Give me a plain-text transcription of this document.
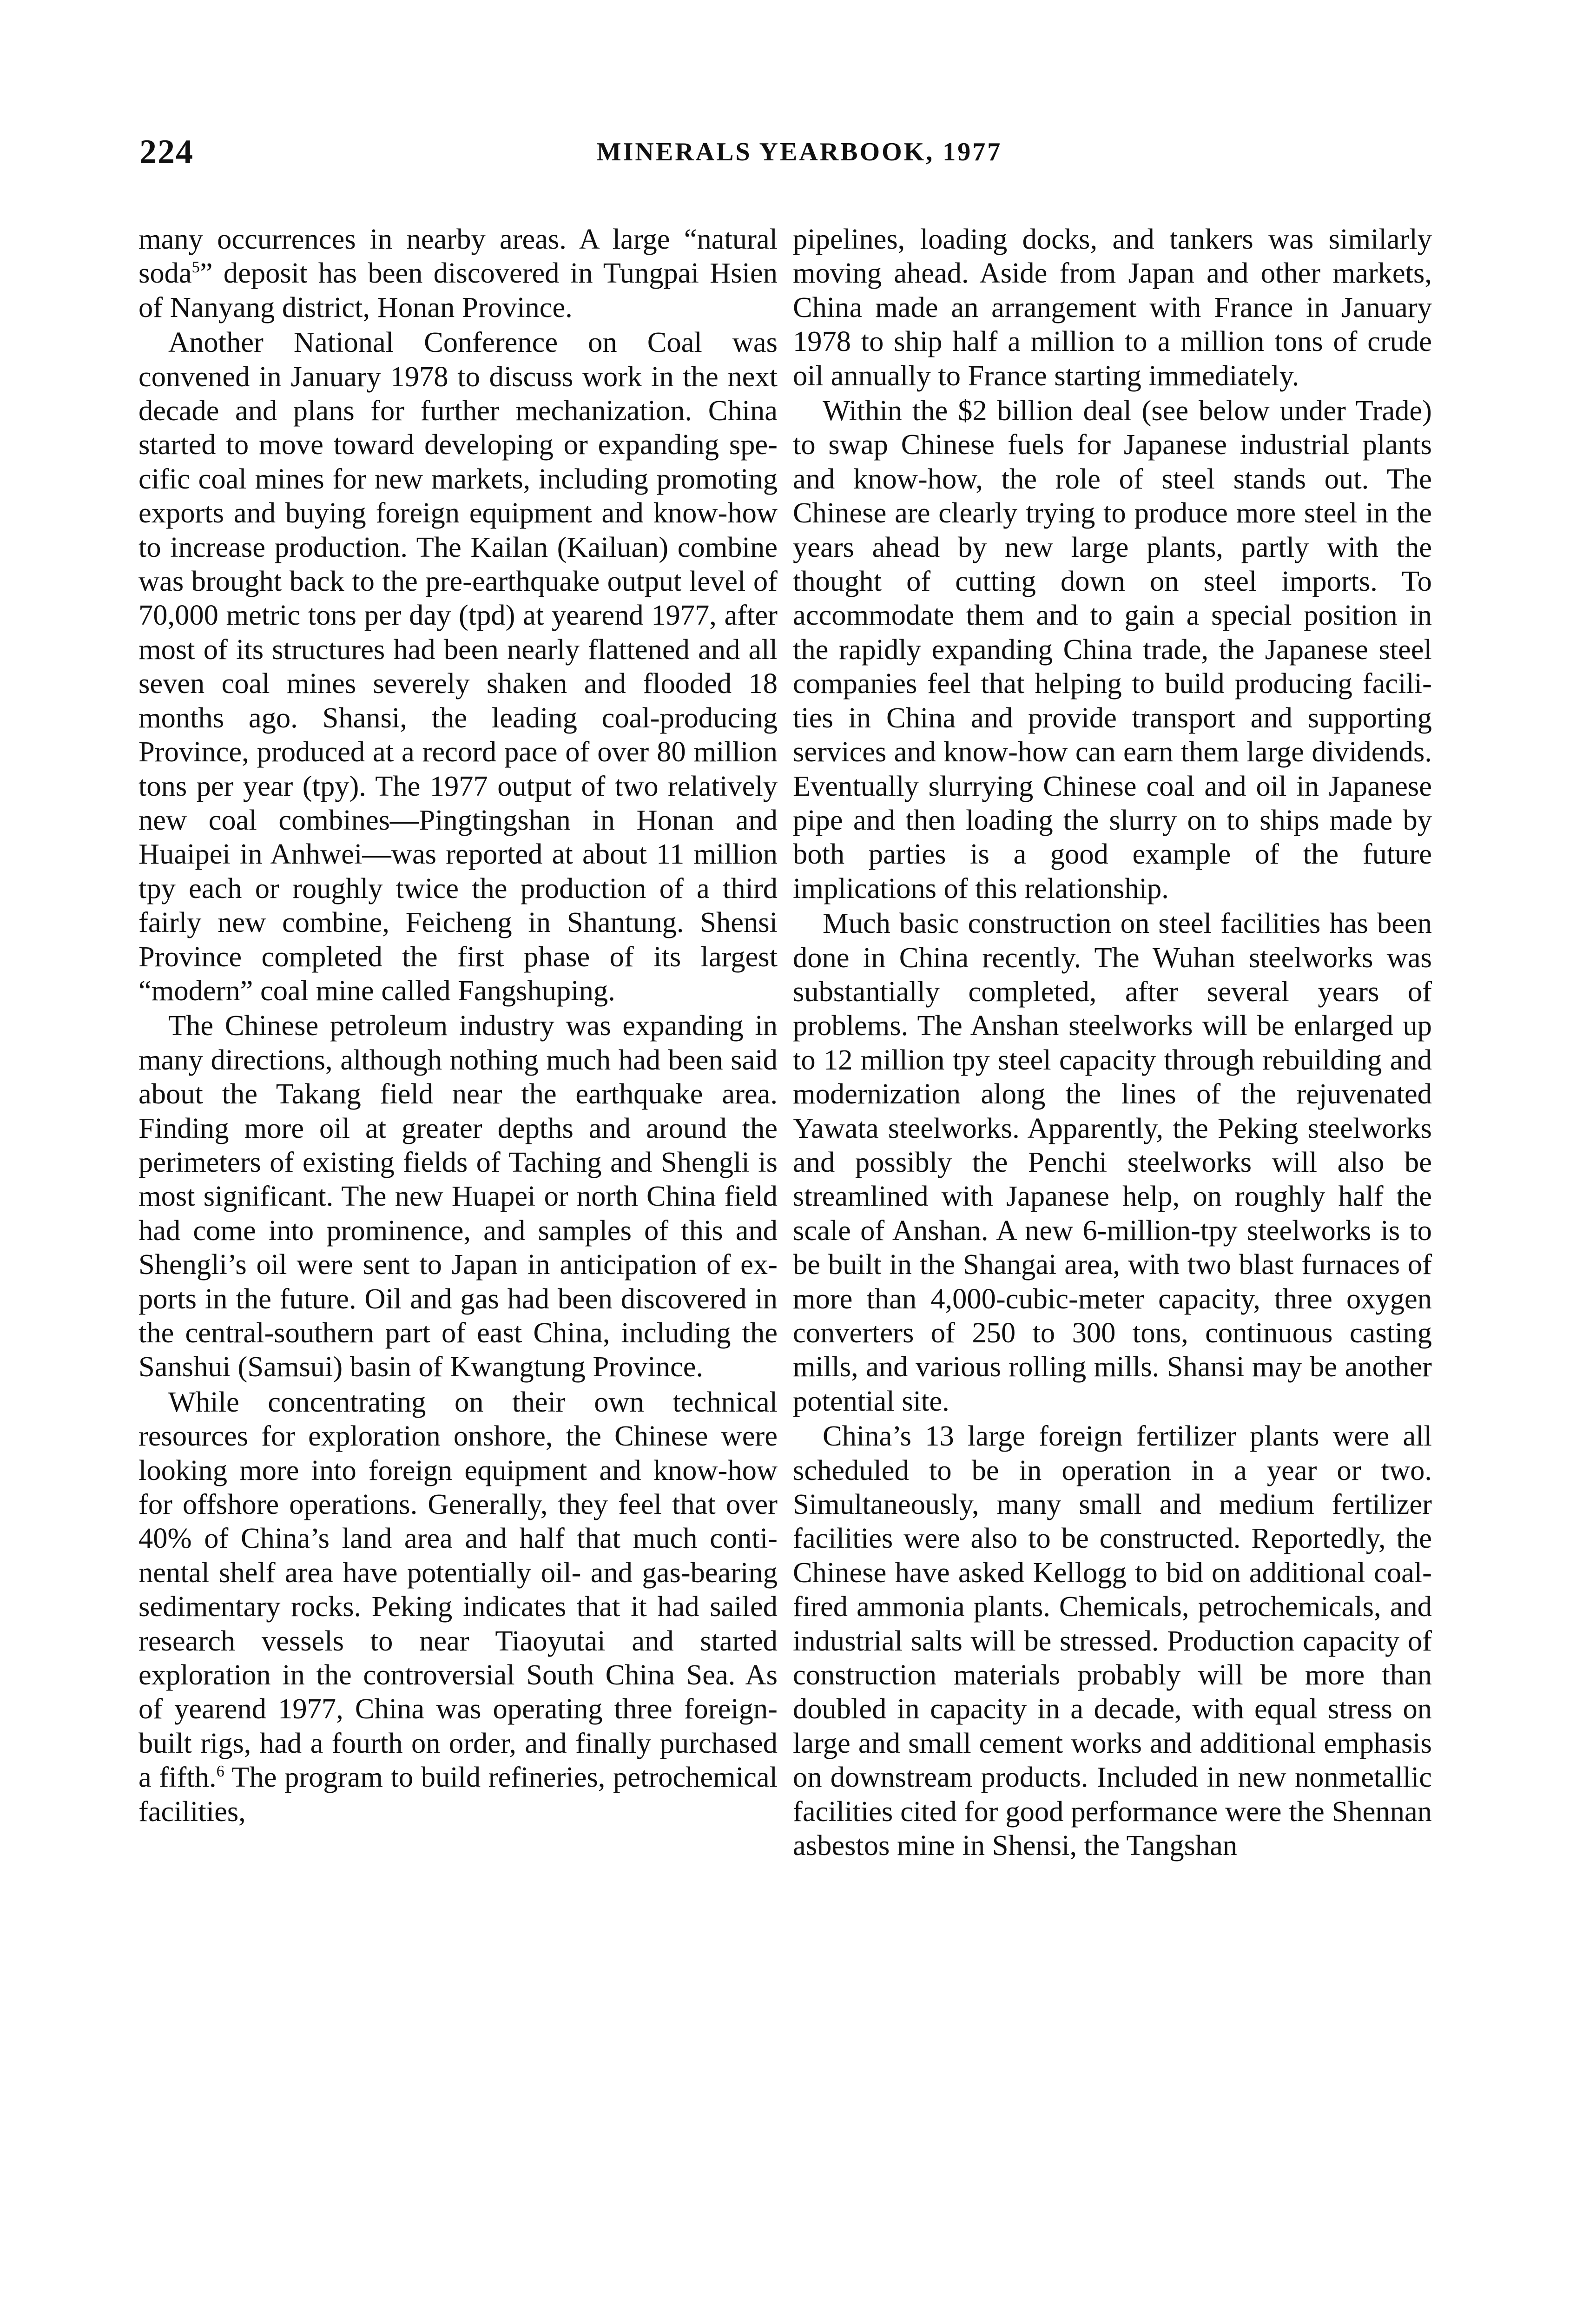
224	MINERALS YEARBOOK, 1977

many occurrences in nearby areas. A large “natural soda$^5$” deposit has been discovered in Tungpai Hsien of Nanyang district, Honan Province.

Another National Conference on Coal was convened in January 1978 to discuss work in the next decade and plans for further mechanization. China started to move toward developing or expanding specific coal mines for new markets, including promoting exports and buying foreign equipment and know-how to increase production. The Kailan (Kailuan) combine was brought back to the pre-earthquake output level of 70,000 metric tons per day (tpd) at yearend 1977, after most of its structures had been nearly flattened and all seven coal mines severely shaken and flooded 18 months ago. Shansi, the leading coal-producing Province, produced at a record pace of over 80 million tons per year (tpy). The 1977 output of two relatively new coal combines—Pingtingshan in Honan and Huaipei in Anhwei—was reported at about 11 million tpy each or roughly twice the production of a third fairly new combine, Feicheng in Shantung. Shensi Province completed the first phase of its largest “modern” coal mine called Fangshuping.

The Chinese petroleum industry was expanding in many directions, although nothing much had been said about the Takang field near the earthquake area. Finding more oil at greater depths and around the perimeters of existing fields of Taching and Shengli is most significant. The new Huapei or north China field had come into prominence, and samples of this and Shengli’s oil were sent to Japan in anticipation of exports in the future. Oil and gas had been discovered in the central-southern part of east China, including the Sanshui (Samsui) basin of Kwangtung Province.

While concentrating on their own technical resources for exploration onshore, the Chinese were looking more into foreign equipment and know-how for offshore operations. Generally, they feel that over 40% of China’s land area and half that much continental shelf area have potentially oil- and gas-bearing sedimentary rocks. Peking indicates that it had sailed research vessels to near Tiaoyutai and started exploration in the controversial South China Sea. As of yearend 1977, China was operating three foreign-built rigs, had a fourth on order, and finally purchased a fifth.$^6$ The program to build refineries, petrochemical facilities,

pipelines, loading docks, and tankers was similarly moving ahead. Aside from Japan and other markets, China made an arrangement with France in January 1978 to ship half a million to a million tons of crude oil annually to France starting immediately.

Within the $2 billion deal (see below under Trade) to swap Chinese fuels for Japanese industrial plants and know-how, the role of steel stands out. The Chinese are clearly trying to produce more steel in the years ahead by new large plants, partly with the thought of cutting down on steel imports. To accommodate them and to gain a special position in the rapidly expanding China trade, the Japanese steel companies feel that helping to build producing facilities in China and provide transport and supporting services and know-how can earn them large dividends. Eventually slurrying Chinese coal and oil in Japanese pipe and then loading the slurry on to ships made by both parties is a good example of the future implications of this relationship.

Much basic construction on steel facilities has been done in China recently. The Wuhan steelworks was substantially completed, after several years of problems. The Anshan steelworks will be enlarged up to 12 million tpy steel capacity through rebuilding and modernization along the lines of the rejuvenated Yawata steelworks. Apparently, the Peking steelworks and possibly the Penchi steelworks will also be streamlined with Japanese help, on roughly half the scale of Anshan. A new 6-million-tpy steelworks is to be built in the Shangai area, with two blast furnaces of more than 4,000-cubic-meter capacity, three oxygen converters of 250 to 300 tons, continuous casting mills, and various rolling mills. Shansi may be another potential site.

China’s 13 large foreign fertilizer plants were all scheduled to be in operation in a year or two. Simultaneously, many small and medium fertilizer facilities were also to be constructed. Reportedly, the Chinese have asked Kellogg to bid on additional coal-fired ammonia plants. Chemicals, petrochemicals, and industrial salts will be stressed. Production capacity of construction materials probably will be more than doubled in capacity in a decade, with equal stress on large and small cement works and additional emphasis on downstream products. Included in new nonmetallic facilities cited for good performance were the Shennan asbestos mine in Shensi, the Tangshan
